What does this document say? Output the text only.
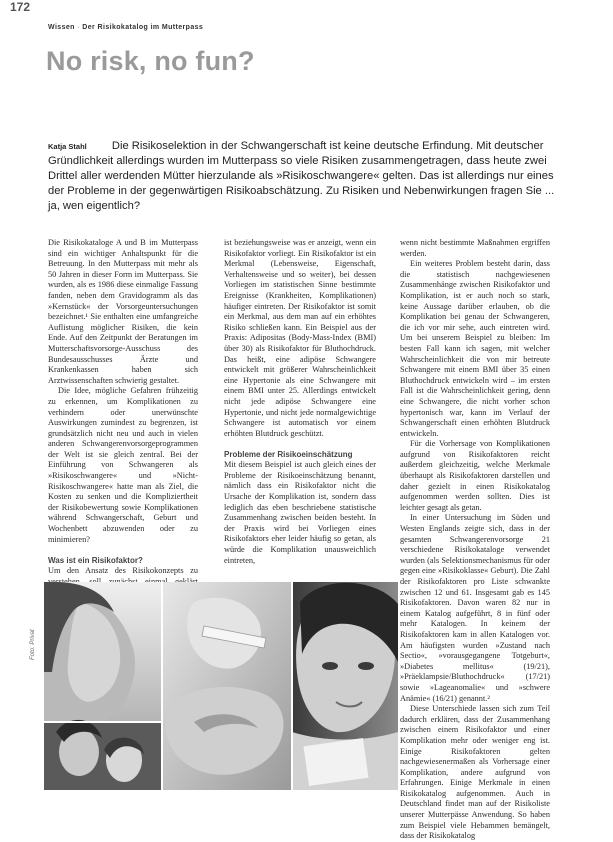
172
Wissen · Der Risikokatalog im Mutterpass
No risk, no fun?
Katja Stahl Die Risikoselektion in der Schwangerschaft ist keine deutsche Erfindung. Mit deutscher Gründlichkeit allerdings wurden im Mutterpass so viele Risiken zusammengetragen, dass heute zwei Drittel aller werdenden Mütter hierzulande als »Risikoschwangere« gelten. Das ist allerdings nur eines der Probleme in der gegenwärtigen Risikoabschätzung. Zu Risiken und Nebenwirkungen fragen Sie ... ja, wen eigentlich?

Die Risikokataloge A und B im Mutterpass sind ein wichtiger Anhaltspunkt für die Betreuung. In den Mutterpass mit mehr als 50 Jahren in dieser Form im Mutterpass. Sie wurden, als es 1986 diese einmalige Fassung fanden, neben dem Gravidogramm als das »Kernstück« der Vorsorgeuntersuchungen bezeichnet.¹ Sie enthalten eine umfangreiche Auflistung möglicher Risiken, die kein Ende. Auf den Zeitpunkt der Beratungen im Mutterschaftsvorsorge-Ausschuss des Bundesausschusses Ärzte und Krankenkassen haben sich Arztwissenschaften schwierig gestaltet.

Die Idee, mögliche Gefahren frühzeitig zu erkennen, um Komplikationen zu verhindern oder unerwünschte Auswirkungen zumindest zu begrenzen, ist grundsätzlich nicht neu und auch in vielen anderen Schwangerenvorsorgeprogrammen der Welt ist sie gleich zentral. Bei der Einführung von Schwangeren als »Risikoschwangere« und »Nicht-Risikoschwangere« hatte man als Ziel, die Kosten zu senken und die Kompliziertheit der Risikobewertung sowie Komplikationen während Schwangerschaft, Geburt und Wochenbett abzuwenden oder zu minimieren?

Was ist ein Risikofaktor?

Um den Ansatz des Risikokonzepts zu

ist beziehungsweise was er anzeigt, wenn ein Risikofaktor vorliegt. Ein Risikofaktor ist ein Merkmal (Lebensweise, Eigenschaft, Verhaltensweise und so weiter), bei dessen Vorliegen im statistischen Sinne bestimmte Ereignisse (Krankheiten, Komplikationen) häufiger eintreten. Der Risikofaktor ist somit ein Merkmal, aus dem man auf ein erhöhtes Risiko schließen kann. Ein Beispiel aus der Praxis: Adipositas (Body-Mass-Index (BMI) über 30) als Risikofaktor für Bluthochdruck. Das heißt, eine adipöse Schwangere entwickelt mit größerer Wahrscheinlichkeit eine Hypertonie als eine Schwangere mit einem BMI unter 25. Allerdings entwickelt nicht jede adipöse Schwangere eine Hypertonie, und nicht jede normalgewichtige Schwangere ist automatisch vor einem erhöhten Blutdruck geschützt.

Probleme der Risikoeinschätzung

Mit diesem Beispiel ist auch gleich eines der Probleme der Risikoeinschätzung benannt, nämlich dass ein Risikofaktor nicht die Ursache der Komplikation ist, sondern dass lediglich das eben beschriebene statistische Zusammenhang zwischen beiden besteht. In der Praxis wird bei Vorliegen eines Risikofaktors eher leider häufig so getan, als würde die Komplikation unausweichlich eintreten,

wenn nicht bestimmte Maßnahmen ergriffen werden.

Ein weiteres Problem besteht darin, dass die statistisch nachgewiesenen Zusammenhänge zwischen Risikofaktor und Komplikation, ist er auch noch so stark, keine Aussage darüber erlauben, ob die Komplikation bei genau der Schwangeren, die ich vor mir sehe, auch eintreten wird. Um bei unserem Beispiel zu bleiben: Im besten Fall kann ich sagen, mit welcher Wahrscheinlichkeit die von mir betreute Schwangere mit einem BMI über 35 einen Bluthochdruck entwickeln wird – im ersten Fall ist die Wahrscheinlichkeit gering, denn eine Schwangere, die nicht vorher schon hypertonisch war, kann im Verlauf der Schwangerschaft einen erhöhten Blutdruck entwickeln.

Für die Vorhersage von Komplikationen aufgrund von Risikofaktoren reicht außerdem gleichzeitig, welche Merkmale überhaupt als Risikofaktoren darstellen und daher gezielt in einen Risikokatalog aufgenommen werden sollten. Dies ist leichter gesagt als getan.

In einer Untersuchung im Süden und Westen Englands zeigte sich, dass in der gesamten Schwangerenvorsorge 21 verschiedene Risikokataloge verwendet wurden (als Selektionsmechanismus für oder gegen eine »Risikoklasse« Geburt). Die Zahl der Risikofaktoren pro Liste schwankte zwischen 12 und 61. Insgesamt gab es 145 Risikofaktoren. Davon waren 82 nur in einem Katalog aufgeführt, 8 in fünf oder mehr Katalogen. In keinem der Risikofaktoren kam in allen Katalogen vor. Am häufigsten wurden »Zustand nach Sectio«, »vorausgegangene Totgeburt«, »Diabetes mellitus« (19/21), »Präeklampsie/Bluthochdruck« (17/21) sowie »Lageanomalie« und »schwere Anämie« (16/21) genannt.²

Diese Unterschiede lassen sich zum Teil dadurch erklären, dass der Zusammenhang zwischen einem Risikofaktor und einer Komplikation mehr oder weniger eng ist. Einige Risikofaktoren gelten nachgewiesenermaßen als Vorhersage einer Komplikation, andere aufgrund von Erfahrungen. Einige Merkmale in einen Risikokatalog aufgenommen. Auch in Deutschland findet man auf der Risikoliste unserer Mutterpässe Anwendung. So haben zum Beispiel viele Hebammen bemängelt, dass der Risikokatalog

Foto: Privat
